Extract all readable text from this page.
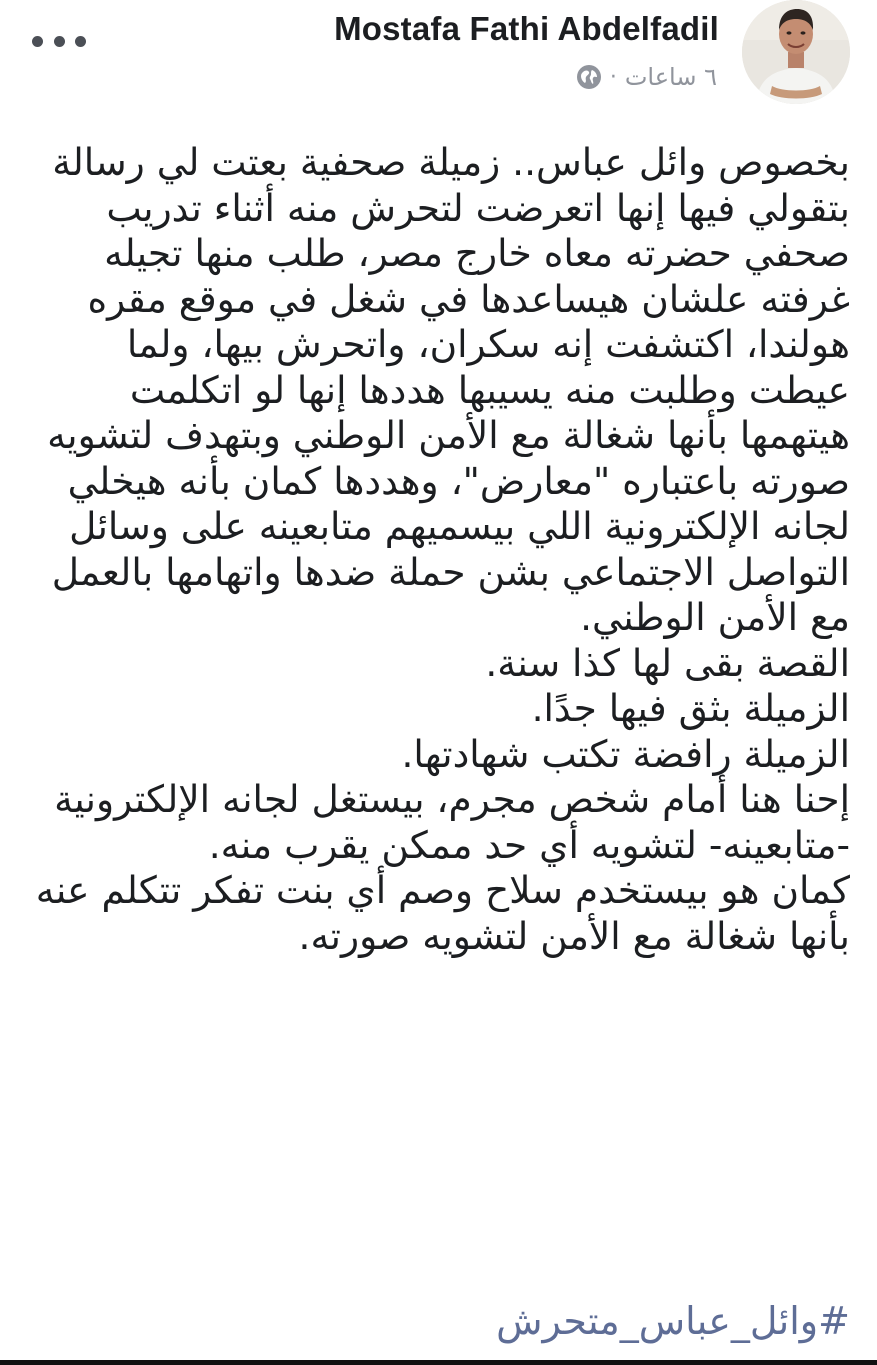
Mostafa Fathi Abdelfadil
· ٦ ساعات

بخصوص وائل عباس.. زميلة صحفية بعتت لي رسالة بتقولي فيها إنها اتعرضت لتحرش منه أثناء تدريب صحفي حضرته معاه خارج مصر، طلب منها تجيله غرفته علشان هيساعدها في شغل في موقع مقره هولندا، اكتشفت إنه سكران، واتحرش بيها، ولما عيطت وطلبت منه يسيبها هددها إنها لو اتكلمت هيتهمها بأنها شغالة مع الأمن الوطني وبتهدف لتشويه صورته باعتباره "معارض"، وهددها كمان بأنه هيخلي لجانه الإلكترونية اللي بيسميهم متابعينه على وسائل التواصل الاجتماعي بشن حملة ضدها واتهامها بالعمل مع الأمن الوطني.

القصة بقى لها كذا سنة.

الزميلة بثق فيها جدًا.

الزميلة رافضة تكتب شهادتها.

إحنا هنا أمام شخص مجرم، بيستغل لجانه الإلكترونية -متابعينه- لتشويه أي حد ممكن يقرب منه.

كمان هو بيستخدم سلاح وصم أي بنت تفكر تتكلم عنه بأنها شغالة مع الأمن لتشويه صورته.

#وائل_عباس_متحرش
